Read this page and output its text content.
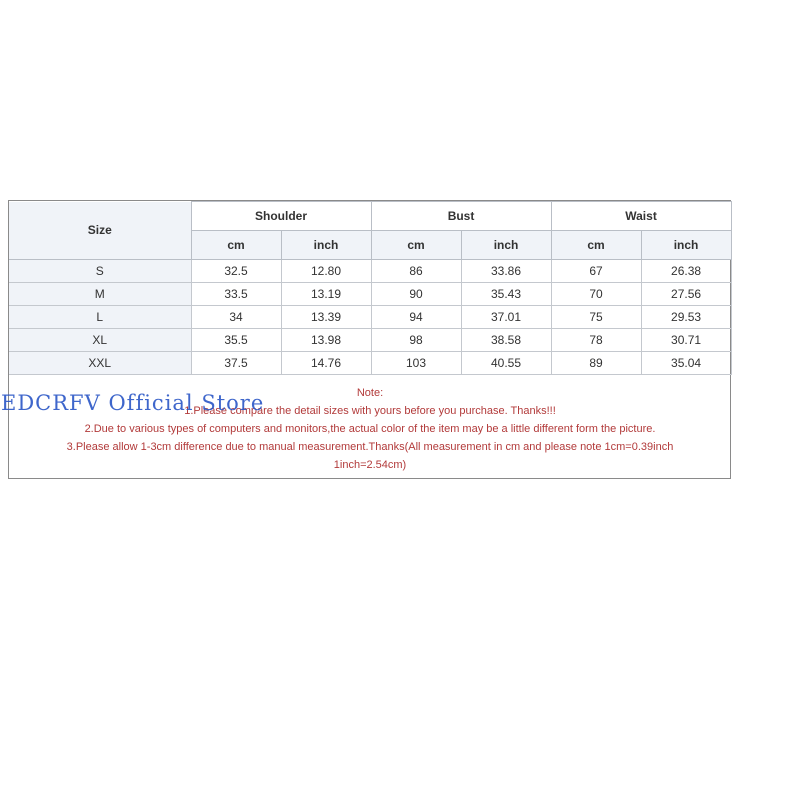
Size	Shoulder		Bust		Waist	
	cm	inch	cm	inch	cm	inch
S	32.5	12.80	86	33.86	67	26.38
M	33.5	13.19	90	35.43	70	27.56
L	34	13.39	94	37.01	75	29.53
XL	35.5	13.98	98	38.58	78	30.71
XXL	37.5	14.76	103	40.55	89	35.04
Note:
1.Please compare the detail sizes with yours before you purchase. Thanks!!!
2.Due to various types of computers and monitors,the actual color of the item may be a little different form the picture.
3.Please allow 1-3cm difference due to manual measurement.Thanks(All measurement in cm and please note 1cm=0.39inch
1inch=2.54cm)
EDCRFV Official Store
